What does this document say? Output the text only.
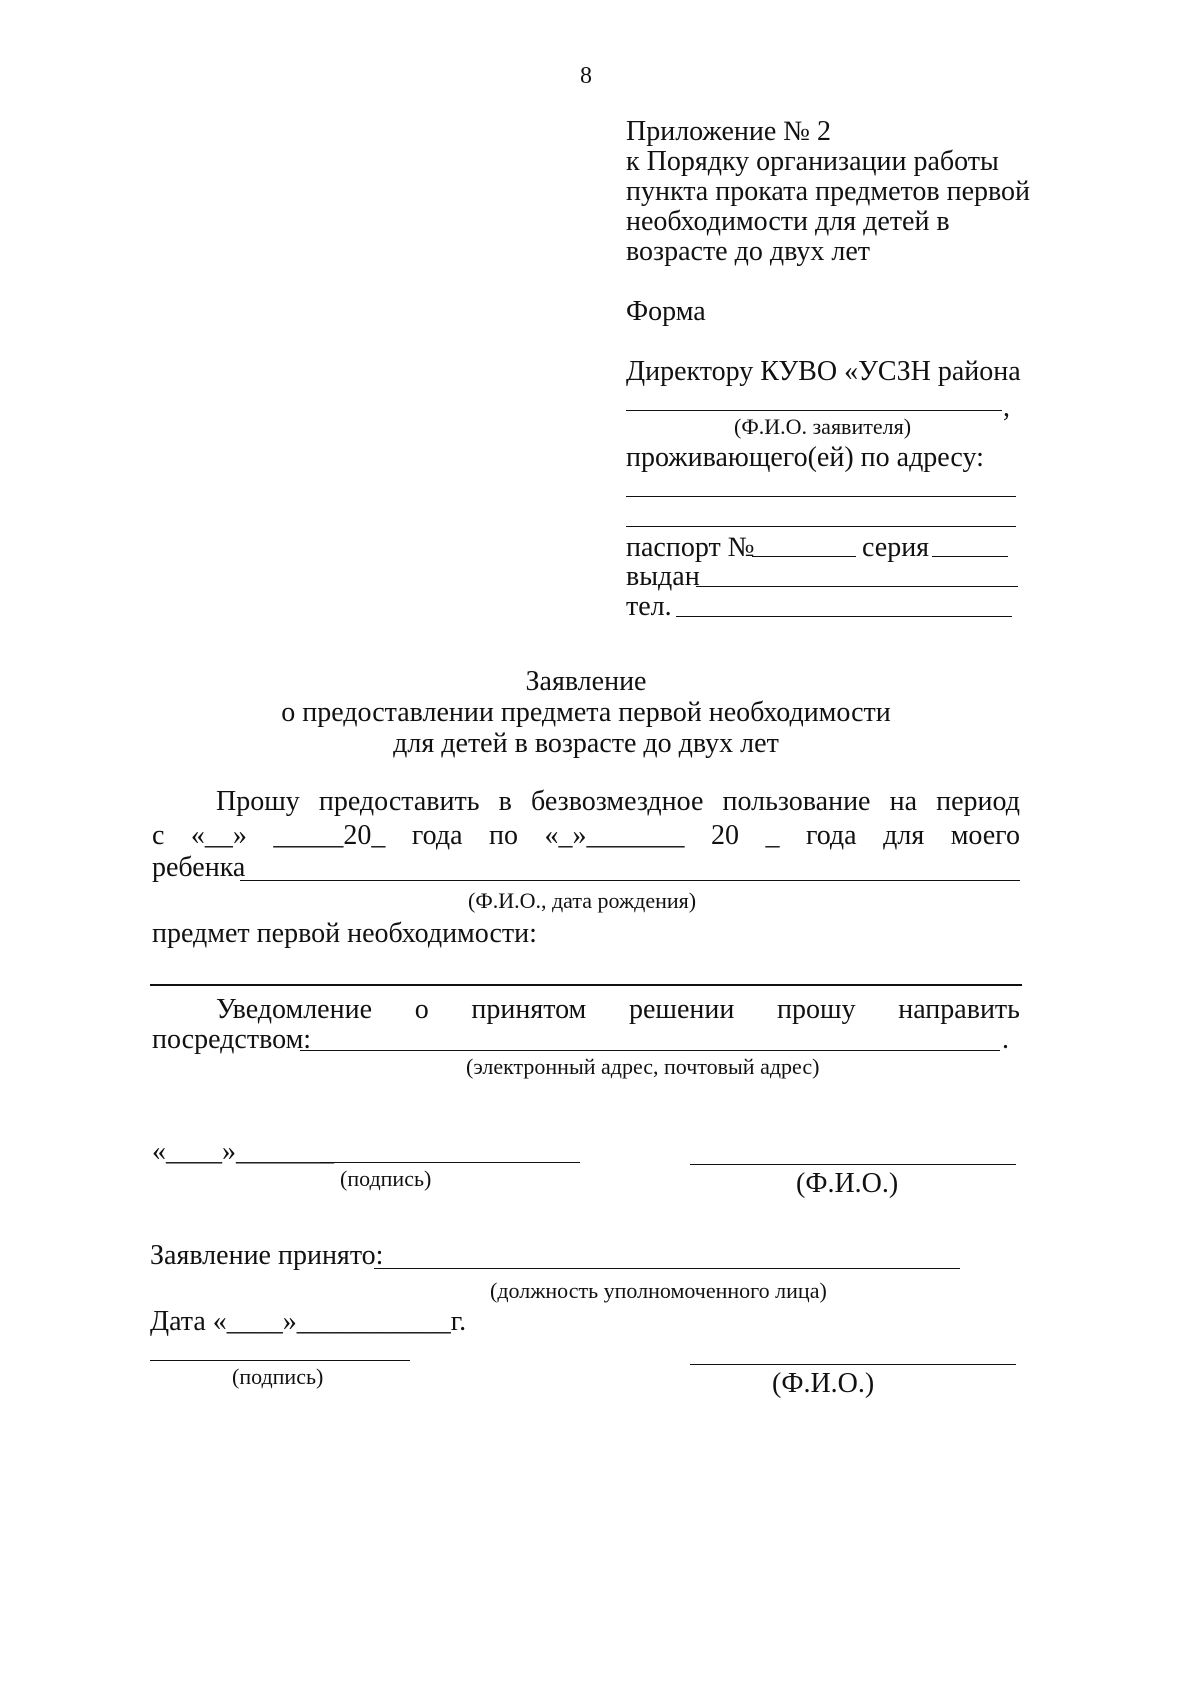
8
Приложение № 2
к Порядку организации работы
пункта проката предметов первой
необходимости для детей в
возрасте до двух лет
Форма
Директору КУВО «УСЗН района
,
(Ф.И.О. заявителя)
проживающего(ей) по адресу:
паспорт №	серия
выдан
тел.
Заявление
о предоставлении предмета первой необходимости
для детей в возрасте до двух лет
Прошу предоставить в безвозмездное пользование на период
с «__» _____20_ года по «_»_______ 20 _ года для моего
ребенка
(Ф.И.О., дата рождения)
предмет первой необходимости:
Уведомление о принятом решении прошу направить
посредством:	.
(электронный адрес, почтовый адрес)
«____»_______
(подпись)	(Ф.И.О.)
Заявление принято:
(должность уполномоченного лица)
Дата «____»___________г.
(подпись)	(Ф.И.О.)
